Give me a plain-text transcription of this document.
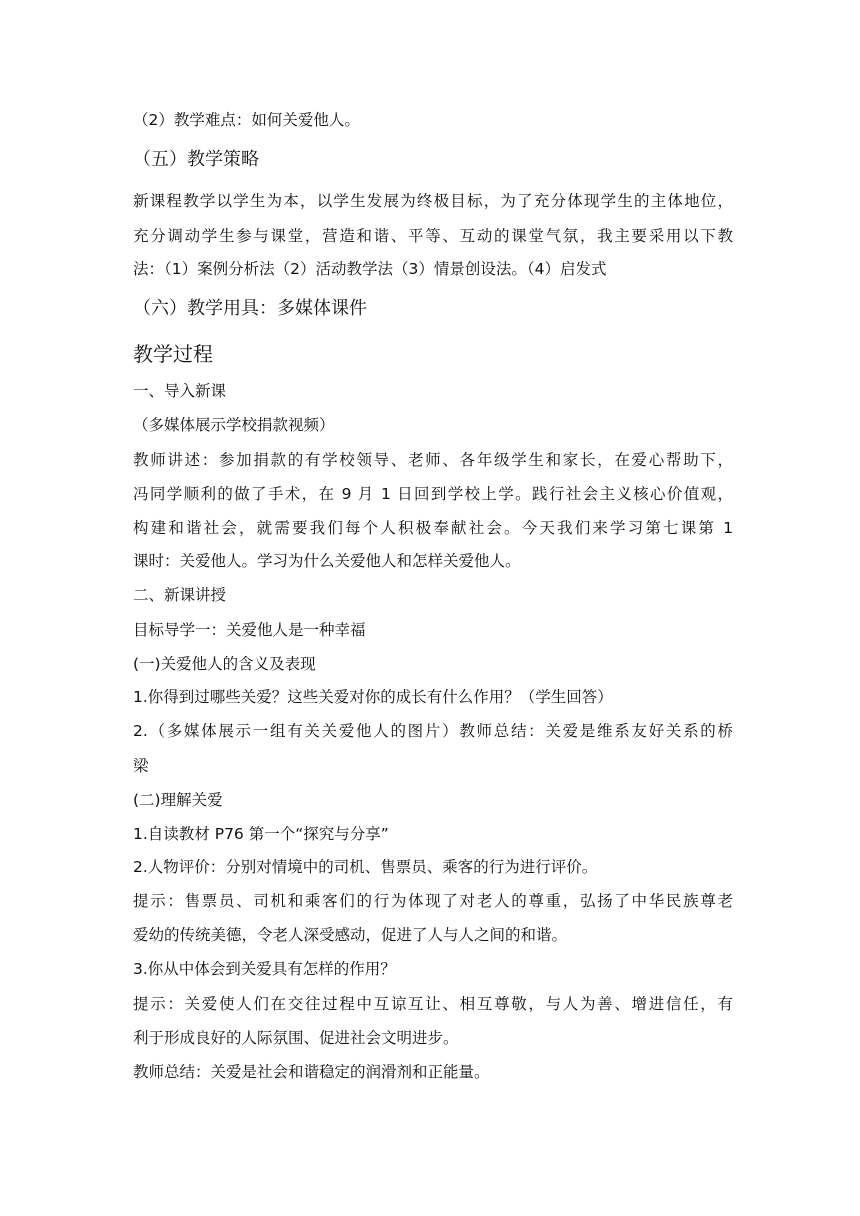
（2）教学难点：如何关爱他人。
（五）教学策略
新课程教学以学生为本，以学生发展为终极目标，为了充分体现学生的主体地位，
充分调动学生参与课堂，营造和谐、平等、互动的课堂气氛，我主要采用以下教
法：（1）案例分析法（2）活动教学法（3）情景创设法。（4）启发式
（六）教学用具：多媒体课件
教学过程
一、导入新课
（多媒体展示学校捐款视频）
教师讲述：参加捐款的有学校领导、老师、各年级学生和家长，在爱心帮助下，
冯同学顺利的做了手术，在 9 月 1 日回到学校上学。践行社会主义核心价值观，
构建和谐社会，就需要我们每个人积极奉献社会。今天我们来学习第七课第 1
课时：关爱他人。学习为什么关爱他人和怎样关爱他人。
二、新课讲授
目标导学一：关爱他人是一种幸福
(一)关爱他人的含义及表现
1.你得到过哪些关爱？这些关爱对你的成长有什么作用？（学生回答）
2.（多媒体展示一组有关关爱他人的图片）教师总结：关爱是维系友好关系的桥
梁
(二)理解关爱
1.自读教材 P76 第一个“探究与分享”
2.人物评价：分别对情境中的司机、售票员、乘客的行为进行评价。
提示：售票员、司机和乘客们的行为体现了对老人的尊重，弘扬了中华民族尊老
爱幼的传统美德，令老人深受感动，促进了人与人之间的和谐。
3.你从中体会到关爱具有怎样的作用？
提示：关爱使人们在交往过程中互谅互让、相互尊敬，与人为善、增进信任，有
利于形成良好的人际氛围、促进社会文明进步。
教师总结：关爱是社会和谐稳定的润滑剂和正能量。
